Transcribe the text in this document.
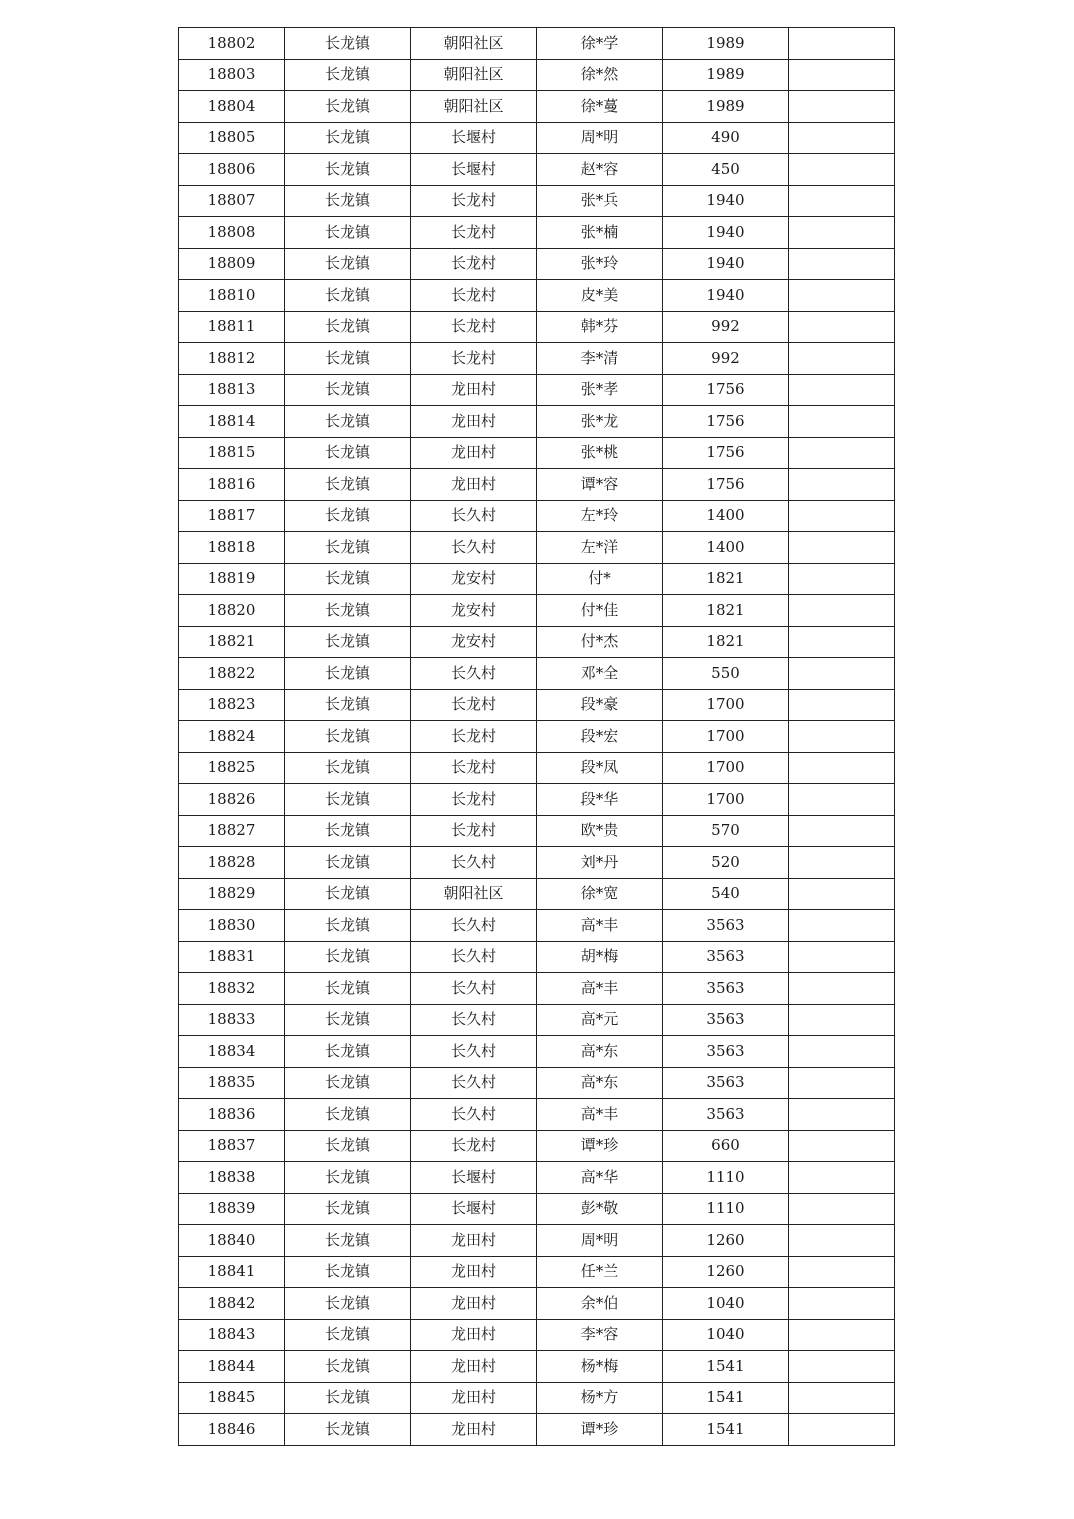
18802	长龙镇	朝阳社区	徐*学	1989	
18803	长龙镇	朝阳社区	徐*然	1989	
18804	长龙镇	朝阳社区	徐*蔓	1989	
18805	长龙镇	长堰村	周*明	490	
18806	长龙镇	长堰村	赵*容	450	
18807	长龙镇	长龙村	张*兵	1940	
18808	长龙镇	长龙村	张*楠	1940	
18809	长龙镇	长龙村	张*玲	1940	
18810	长龙镇	长龙村	皮*美	1940	
18811	长龙镇	长龙村	韩*芬	992	
18812	长龙镇	长龙村	李*清	992	
18813	长龙镇	龙田村	张*孝	1756	
18814	长龙镇	龙田村	张*龙	1756	
18815	长龙镇	龙田村	张*桃	1756	
18816	长龙镇	龙田村	谭*容	1756	
18817	长龙镇	长久村	左*玲	1400	
18818	长龙镇	长久村	左*洋	1400	
18819	长龙镇	龙安村	付*	1821	
18820	长龙镇	龙安村	付*佳	1821	
18821	长龙镇	龙安村	付*杰	1821	
18822	长龙镇	长久村	邓*全	550	
18823	长龙镇	长龙村	段*豪	1700	
18824	长龙镇	长龙村	段*宏	1700	
18825	长龙镇	长龙村	段*凤	1700	
18826	长龙镇	长龙村	段*华	1700	
18827	长龙镇	长龙村	欧*贵	570	
18828	长龙镇	长久村	刘*丹	520	
18829	长龙镇	朝阳社区	徐*宽	540	
18830	长龙镇	长久村	高*丰	3563	
18831	长龙镇	长久村	胡*梅	3563	
18832	长龙镇	长久村	高*丰	3563	
18833	长龙镇	长久村	高*元	3563	
18834	长龙镇	长久村	高*东	3563	
18835	长龙镇	长久村	高*东	3563	
18836	长龙镇	长久村	高*丰	3563	
18837	长龙镇	长龙村	谭*珍	660	
18838	长龙镇	长堰村	高*华	1110	
18839	长龙镇	长堰村	彭*敬	1110	
18840	长龙镇	龙田村	周*明	1260	
18841	长龙镇	龙田村	任*兰	1260	
18842	长龙镇	龙田村	余*伯	1040	
18843	长龙镇	龙田村	李*容	1040	
18844	长龙镇	龙田村	杨*梅	1541	
18845	长龙镇	龙田村	杨*方	1541	
18846	长龙镇	龙田村	谭*珍	1541	
